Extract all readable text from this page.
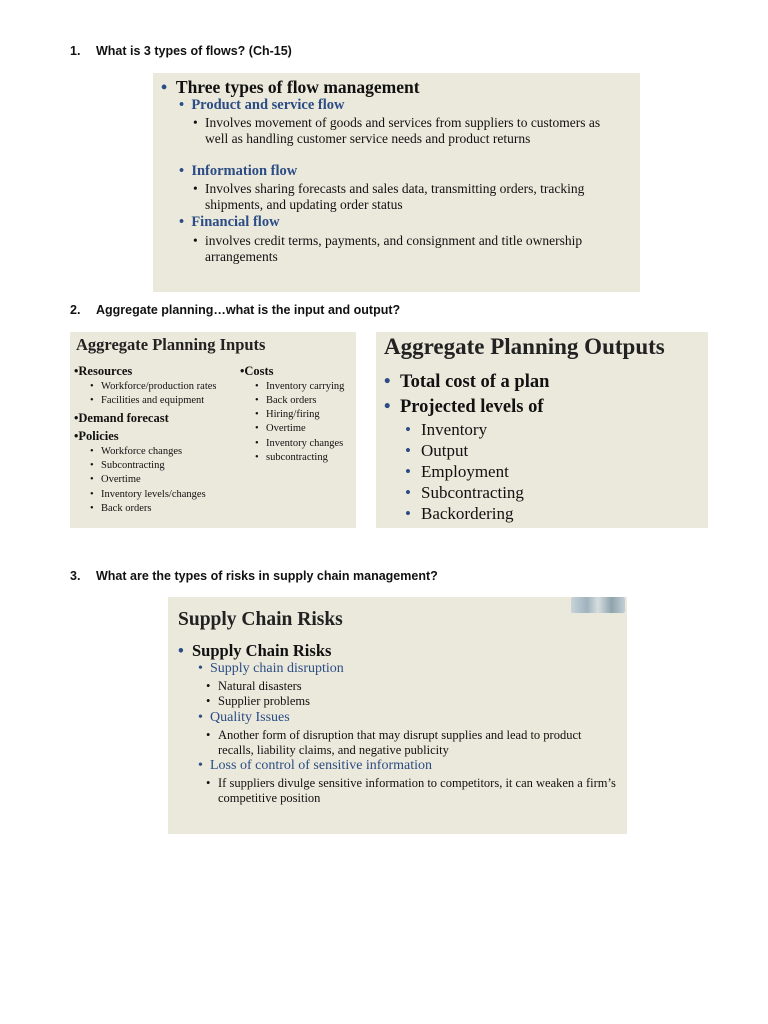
1. What is 3 types of flows? (Ch-15)
• Three types of flow management
• Product and service flow
• Involves movement of goods and services from suppliers to customers as well as handling customer service needs and product returns
• Information flow
• Involves sharing forecasts and sales data, transmitting orders, tracking shipments, and updating order status
• Financial flow
• involves credit terms, payments, and consignment and title ownership arrangements
2. Aggregate planning…what is the input and output?
Aggregate Planning Inputs
•Resources
• Workforce/production rates
• Facilities and equipment
•Demand forecast
•Policies
• Workforce changes
• Subcontracting
• Overtime
• Inventory levels/changes
• Back orders
•Costs
• Inventory carrying
• Back orders
• Hiring/firing
• Overtime
• Inventory changes
• subcontracting
Aggregate Planning Outputs
• Total cost of a plan
• Projected levels of
• Inventory
• Output
• Employment
• Subcontracting
• Backordering
3. What are the types of risks in supply chain management?
Supply Chain Risks
• Supply Chain Risks
• Supply chain disruption
• Natural disasters
• Supplier problems
• Quality Issues
• Another form of disruption that may disrupt supplies and lead to product recalls, liability claims, and negative publicity
• Loss of control of sensitive information
• If suppliers divulge sensitive information to competitors, it can weaken a firm’s competitive position
